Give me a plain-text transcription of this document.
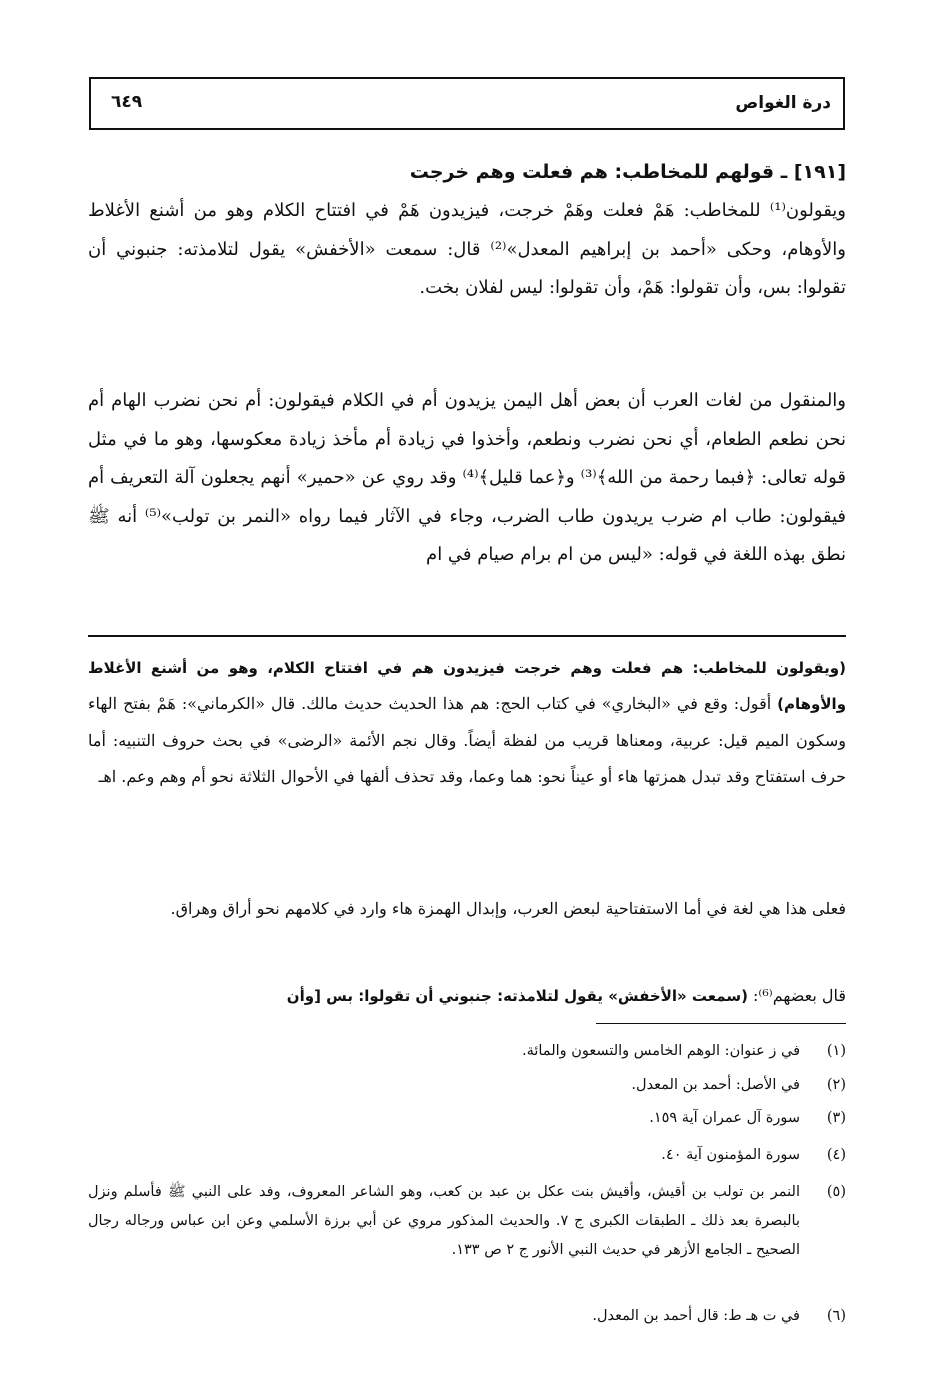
درة الغواص
٦٤٩
[١٩١] ـ قولهم للمخاطب: هم فعلت وهم خرجت
ويقولون⁽¹⁾ للمخاطب: هَمْ فعلت وهَمْ خرجت، فيزيدون هَمْ في افتتاح الكلام وهو من أشنع الأغلاط والأوهام، وحكى «أحمد بن إبراهيم المعدل»⁽²⁾ قال: سمعت «الأخفش» يقول لتلامذته: جنبوني أن تقولوا: بس، وأن تقولوا: هَمْ، وأن تقولوا: ليس لفلان بخت.
والمنقول من لغات العرب أن بعض أهل اليمن يزيدون أم في الكلام فيقولون: أم نحن نضرب الهام أم نحن نطعم الطعام، أي نحن نضرب ونطعم، وأخذوا في زيادة أم مأخذ زيادة معكوسها، وهو ما في مثل قوله تعالى: ﴿فبما رحمة من الله﴾⁽³⁾ و﴿عما قليل﴾⁽⁴⁾ وقد روي عن «حمير» أنهم يجعلون آلة التعريف أم فيقولون: طاب ام ضرب يريدون طاب الضرب، وجاء في الآثار فيما رواه «النمر بن تولب»⁽⁵⁾ أنه ﷺ نطق بهذه اللغة في قوله: «ليس من ام برام صيام في ام
(ويقولون للمخاطب: هم فعلت وهم خرجت فيزيدون هم في افتتاح الكلام، وهو من أشنع الأغلاط والأوهام) أقول: وقع في «البخاري» في كتاب الحج: هم هذا الحديث حديث مالك. قال «الكرماني»: هَمْ بفتح الهاء وسكون الميم قيل: عربية، ومعناها قريب من لفظة أيضاً. وقال نجم الأئمة «الرضى» في بحث حروف التنبيه: أما حرف استفتاح وقد تبدل همزتها هاء أو عيناً نحو: هما وعما، وقد تحذف ألفها في الأحوال الثلاثة نحو أم وهم وعم. اهـ
فعلى هذا هي لغة في أما الاستفتاحية لبعض العرب، وإبدال الهمزة هاء وارد في كلامهم نحو أراق وهراق.
قال بعضهم⁽⁶⁾: (سمعت «الأخفش» يقول لتلامذته: جنبوني أن تقولوا: بس [وأن
(١)
في ز عنوان: الوهم الخامس والتسعون والمائة.
(٢)
في الأصل: أحمد بن المعدل.
(٣)
سورة آل عمران آية ١٥٩.
(٤)
سورة المؤمنون آية ٤٠.
(٥)
النمر بن تولب بن أقيش، وأقيش بنت عكل بن عبد بن كعب، وهو الشاعر المعروف، وفد على النبي ﷺ فأسلم ونزل بالبصرة بعد ذلك ـ الطبقات الكبرى ج ٧. والحديث المذكور مروي عن أبي برزة الأسلمي وعن ابن عباس ورجاله رجال الصحيح ـ الجامع الأزهر في حديث النبي الأنور ج ٢ ص ١٣٣.
(٦)
في ت هـ ط: قال أحمد بن المعدل.
